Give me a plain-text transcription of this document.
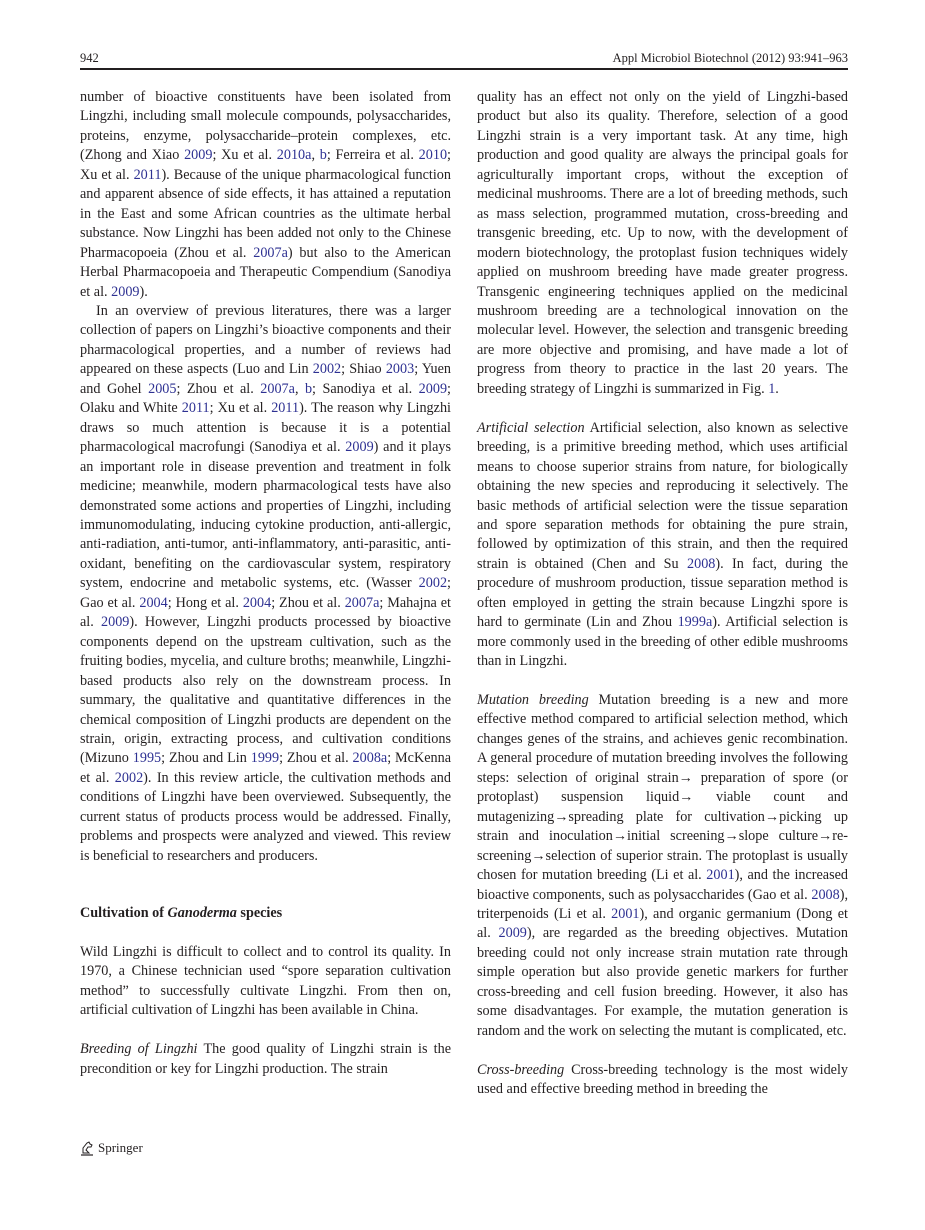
942	Appl Microbiol Biotechnol (2012) 93:941–963

number of bioactive constituents have been isolated from Lingzhi, including small molecule compounds, polysaccharides, proteins, enzyme, polysaccharide–protein complexes, etc. (Zhong and Xiao 2009; Xu et al. 2010a, b; Ferreira et al. 2010; Xu et al. 2011). Because of the unique pharmacological function and apparent absence of side effects, it has attained a reputation in the East and some African countries as the ultimate herbal substance. Now Lingzhi has been added not only to the Chinese Pharmacopoeia (Zhou et al. 2007a) but also to the American Herbal Pharmacopoeia and Therapeutic Compendium (Sanodiya et al. 2009).

In an overview of previous literatures, there was a larger collection of papers on Lingzhi’s bioactive components and their pharmacological properties, and a number of reviews had appeared on these aspects (Luo and Lin 2002; Shiao 2003; Yuen and Gohel 2005; Zhou et al. 2007a, b; Sanodiya et al. 2009; Olaku and White 2011; Xu et al. 2011). The reason why Lingzhi draws so much attention is because it is a potential pharmacological macrofungi (Sanodiya et al. 2009) and it plays an important role in disease prevention and treatment in folk medicine; meanwhile, modern pharmacological tests have also demonstrated some actions and properties of Lingzhi, including immunomodulating, inducing cytokine production, anti-allergic, anti-radiation, anti-tumor, anti-inflammatory, anti-parasitic, anti-oxidant, benefiting on the cardiovascular system, respiratory system, endocrine and metabolic systems, etc. (Wasser 2002; Gao et al. 2004; Hong et al. 2004; Zhou et al. 2007a; Mahajna et al. 2009). However, Lingzhi products processed by bioactive components depend on the upstream cultivation, such as the fruiting bodies, mycelia, and culture broths; meanwhile, Lingzhi-based products also rely on the downstream process. In summary, the qualitative and quantitative differences in the chemical composition of Lingzhi products are dependent on the strain, origin, extracting process, and cultivation conditions (Mizuno 1995; Zhou and Lin 1999; Zhou et al. 2008a; McKenna et al. 2002). In this review article, the cultivation methods and conditions of Lingzhi have been overviewed. Subsequently, the current status of products process would be addressed. Finally, problems and prospects were analyzed and viewed. This review is beneficial to researchers and producers.

Cultivation of Ganoderma species

Wild Lingzhi is difficult to collect and to control its quality. In 1970, a Chinese technician used “spore separation cultivation method” to successfully cultivate Lingzhi. From then on, artificial cultivation of Lingzhi has been available in China.

Breeding of Lingzhi The good quality of Lingzhi strain is the precondition or key for Lingzhi production. The strain

quality has an effect not only on the yield of Lingzhi-based product but also its quality. Therefore, selection of a good Lingzhi strain is a very important task. At any time, high production and good quality are always the principal goals for agriculturally important crops, without the exception of medicinal mushrooms. There are a lot of breeding methods, such as mass selection, programmed mutation, cross-breeding and transgenic breeding, etc. Up to now, with the development of modern biotechnology, the protoplast fusion techniques widely applied on mushroom breeding have made greater progress. Transgenic engineering techniques applied on the medicinal mushroom breeding are a technological innovation on the molecular level. However, the selection and transgenic breeding are more objective and promising, and have made a lot of progress from theory to practice in the last 20 years. The breeding strategy of Lingzhi is summarized in Fig. 1.

Artificial selection Artificial selection, also known as selective breeding, is a primitive breeding method, which uses artificial means to choose superior strains from nature, for biologically obtaining the new species and reproducing it selectively. The basic methods of artificial selection were the tissue separation and spore separation methods for obtaining the pure strain, followed by optimization of this strain, and then the required strain is obtained (Chen and Su 2008). In fact, during the procedure of mushroom production, tissue separation method is often employed in getting the strain because Lingzhi spore is hard to germinate (Lin and Zhou 1999a). Artificial selection is more commonly used in the breeding of other edible mushrooms than in Lingzhi.

Mutation breeding Mutation breeding is a new and more effective method compared to artificial selection method, which changes genes of the strains, and achieves genic recombination. A general procedure of mutation breeding involves the following steps: selection of original strain→ preparation of spore (or protoplast) suspension liquid→ viable count and mutagenizing→spreading plate for cultivation→picking up strain and inoculation→initial screening→slope culture→re-screening→selection of superior strain. The protoplast is usually chosen for mutation breeding (Li et al. 2001), and the increased bioactive components, such as polysaccharides (Gao et al. 2008), triterpenoids (Li et al. 2001), and organic germanium (Dong et al. 2009), are regarded as the breeding objectives. Mutation breeding could not only increase strain mutation rate through simple operation but also provide genetic markers for further cross-breeding and cell fusion breeding. However, it also has some disadvantages. For example, the mutation generation is random and the work on selecting the mutant is complicated, etc.

Cross-breeding Cross-breeding technology is the most widely used and effective breeding method in breeding the

Springer
